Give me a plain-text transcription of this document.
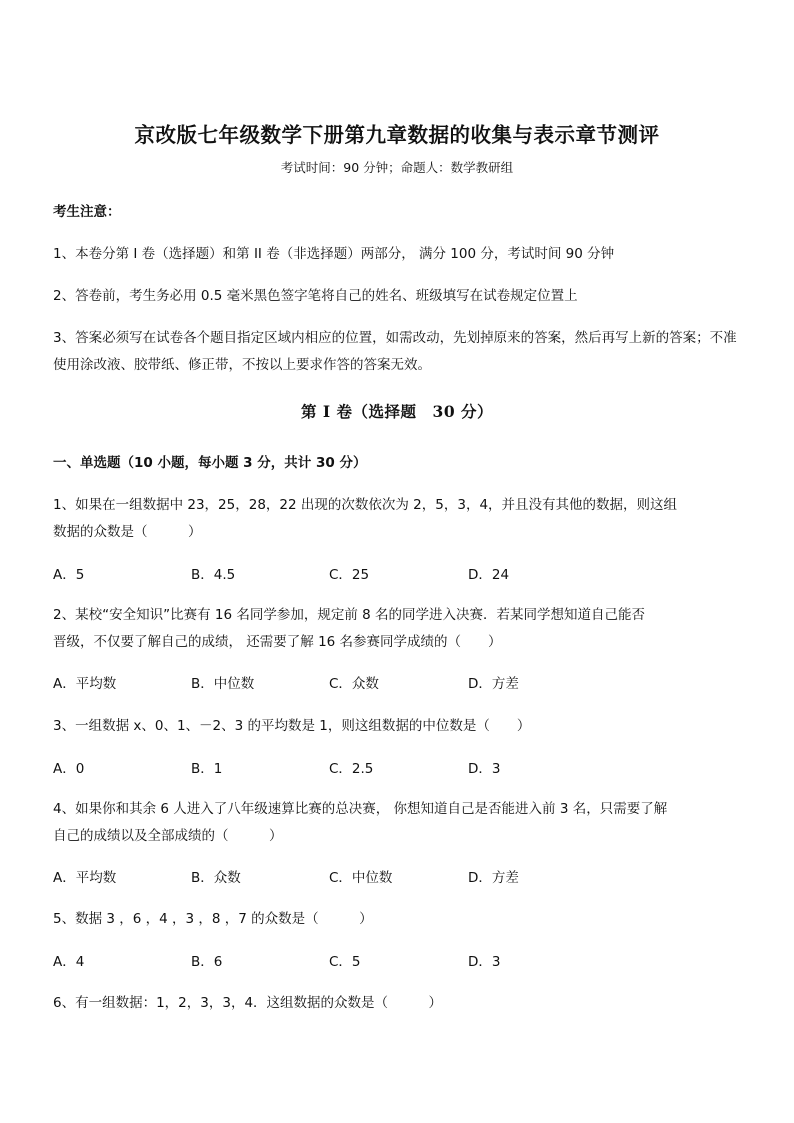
京改版七年级数学下册第九章数据的收集与表示章节测评
考试时间：90 分钟；命题人：数学教研组
考生注意：
1、本卷分第 I 卷（选择题）和第 II 卷（非选择题）两部分， 满分 100 分，考试时间 90 分钟
2、答卷前，考生务必用 0.5 毫米黑色签字笔将自己的姓名、班级填写在试卷规定位置上
3、答案必须写在试卷各个题目指定区域内相应的位置，如需改动，先划掉原来的答案，然后再写上新的答案；不准使用涂改液、胶带纸、修正带，不按以上要求作答的答案无效。
第 I 卷（选择题　30 分）
一、单选题（10 小题，每小题 3 分，共计 30 分）
1、如果在一组数据中 23，25，28，22 出现的次数依次为 2，5，3，4，并且没有其他的数据，则这组
数据的众数是（　　　）
A．5	B．4.5	C．25	D．24
2、某校“安全知识”比赛有 16 名同学参加，规定前 8 名的同学进入决赛．若某同学想知道自己能否
晋级，不仅要了解自己的成绩， 还需要了解 16 名参赛同学成绩的（　　）
A．平均数	B．中位数	C．众数	D．方差
3、一组数据 x、0、1、－2、3 的平均数是 1，则这组数据的中位数是（　　）
A．0	B．1	C．2.5	D．3
4、如果你和其余 6 人进入了八年级速算比赛的总决赛， 你想知道自己是否能进入前 3 名，只需要了解
自己的成绩以及全部成绩的（　　　）
A．平均数	B．众数	C．中位数	D．方差
5、数据 3 ，6 ，4 ，3 ，8 ，7 的众数是（　　　）
A．4	B．6	C．5	D．3
6、有一组数据：1，2，3，3，4．这组数据的众数是（　　　）
